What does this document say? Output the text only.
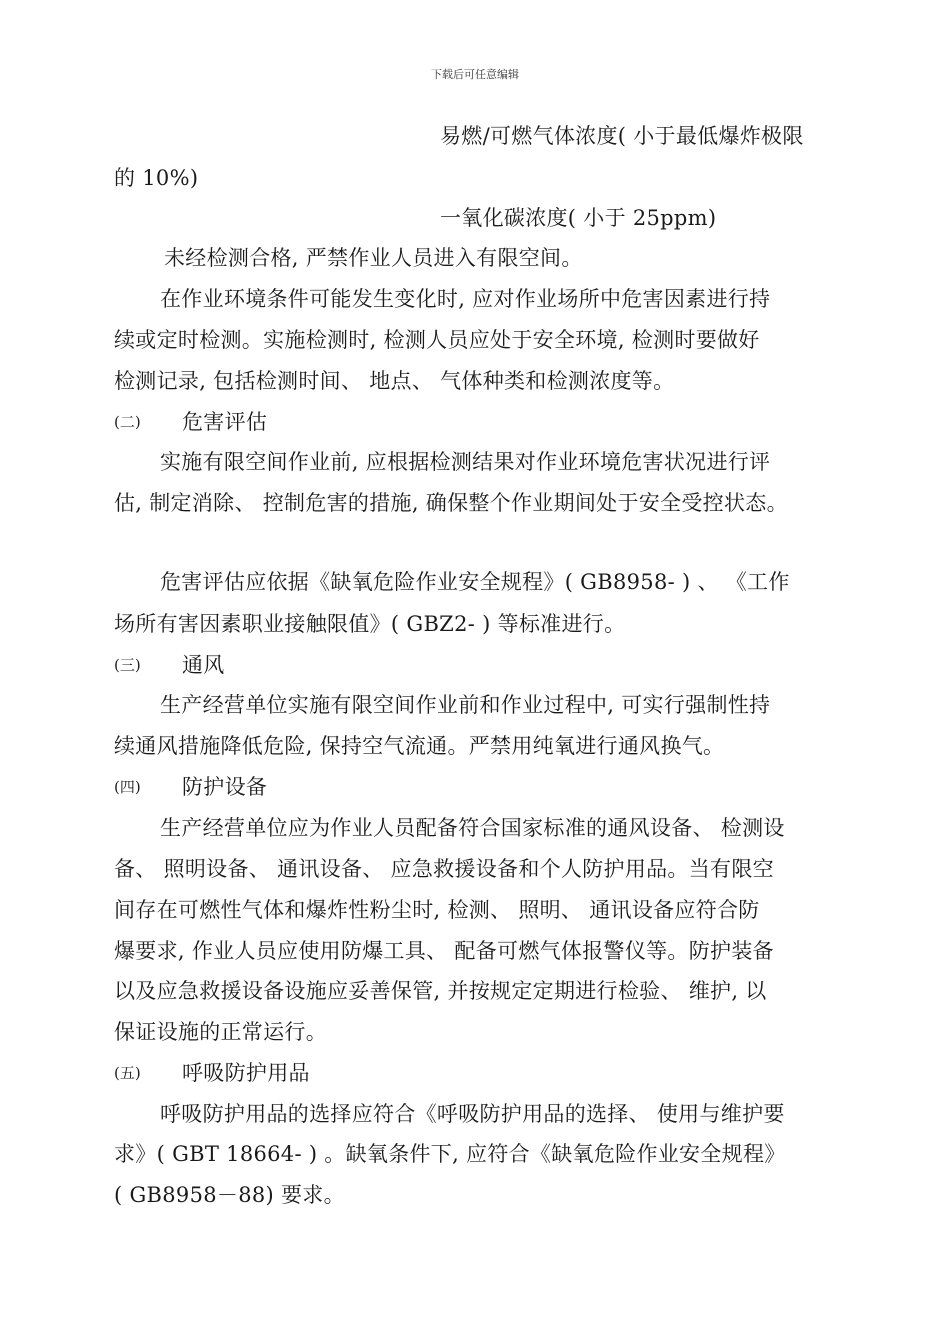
下载后可任意编辑
易燃/可燃气体浓度( 小于最低爆炸极限
的 10%)
一氧化碳浓度( 小于 25ppm)
未经检测合格, 严禁作业人员进入有限空间。
在作业环境条件可能发生变化时, 应对作业场所中危害因素进行持
续或定时检测。实施检测时, 检测人员应处于安全环境, 检测时要做好
检测记录, 包括检测时间、 地点、 气体种类和检测浓度等。
(二) 危害评估
实施有限空间作业前, 应根据检测结果对作业环境危害状况进行评
估, 制定消除、 控制危害的措施, 确保整个作业期间处于安全受控状态。
危害评估应依据《缺氧危险作业安全规程》( GB8958- ) 、 《工作
场所有害因素职业接触限值》( GBZ2- ) 等标准进行。
(三) 通风
生产经营单位实施有限空间作业前和作业过程中, 可实行强制性持
续通风措施降低危险, 保持空气流通。严禁用纯氧进行通风换气。
(四) 防护设备
生产经营单位应为作业人员配备符合国家标准的通风设备、 检测设
备、 照明设备、 通讯设备、 应急救援设备和个人防护用品。当有限空
间存在可燃性气体和爆炸性粉尘时, 检测、 照明、 通讯设备应符合防
爆要求, 作业人员应使用防爆工具、 配备可燃气体报警仪等。防护装备
以及应急救援设备设施应妥善保管, 并按规定定期进行检验、 维护, 以
保证设施的正常运行。
(五) 呼吸防护用品
呼吸防护用品的选择应符合《呼吸防护用品的选择、 使用与维护要
求》( GBT 18664- ) 。缺氧条件下, 应符合《缺氧危险作业安全规程》
( GB8958－88) 要求。
